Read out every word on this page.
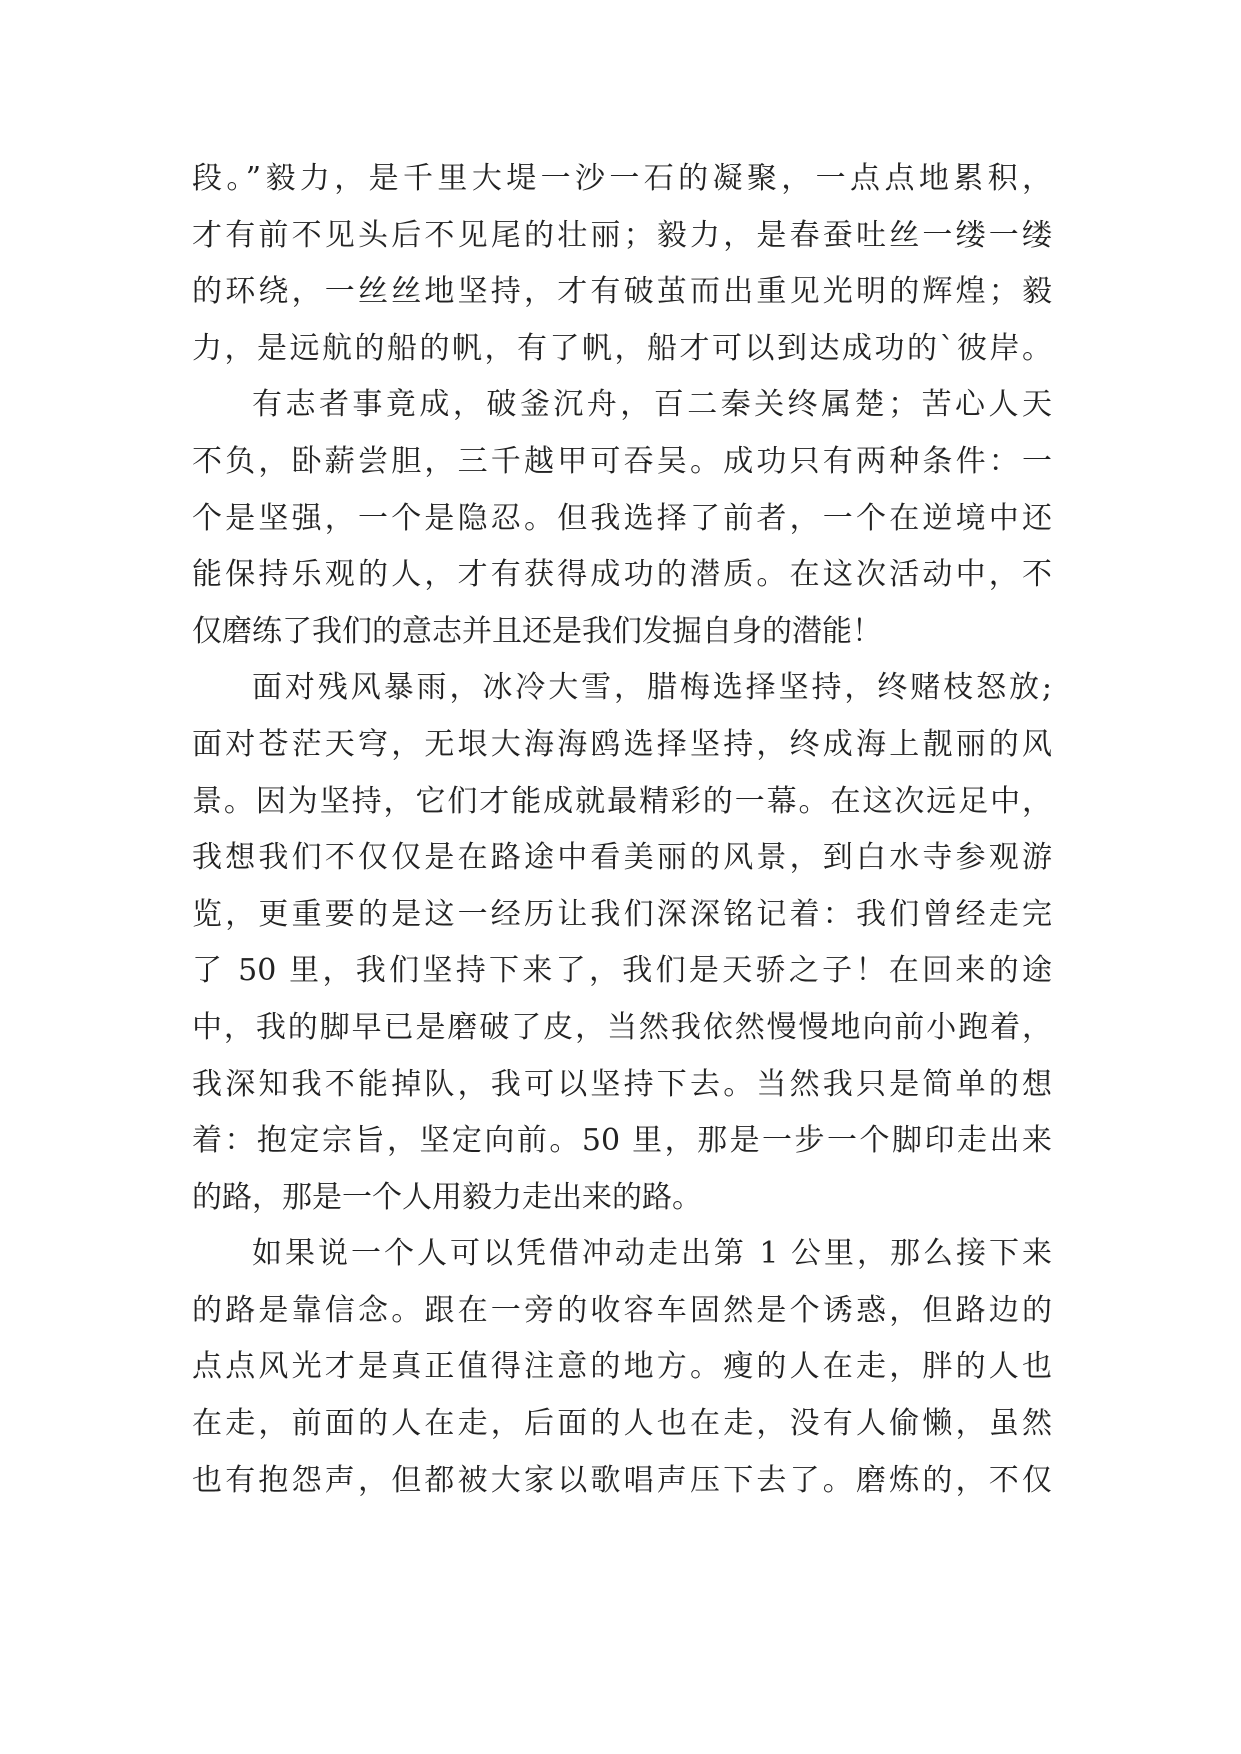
段。”毅力，是千里大堤一沙一石的凝聚，一点点地累积，
才有前不见头后不见尾的壮丽；毅力，是春蚕吐丝一缕一缕
的环绕，一丝丝地坚持，才有破茧而出重见光明的辉煌；毅
力，是远航的船的帆，有了帆，船才可以到达成功的`彼岸。
有志者事竟成，破釜沉舟，百二秦关终属楚；苦心人天
不负，卧薪尝胆，三千越甲可吞吴。成功只有两种条件：一
个是坚强，一个是隐忍。但我选择了前者，一个在逆境中还
能保持乐观的人，才有获得成功的潜质。在这次活动中，不
仅磨练了我们的意志并且还是我们发掘自身的潜能！
面对残风暴雨，冰冷大雪，腊梅选择坚持，终赌枝怒放;
面对苍茫天穹，无垠大海海鸥选择坚持，终成海上靓丽的风
景。因为坚持，它们才能成就最精彩的一幕。在这次远足中，
我想我们不仅仅是在路途中看美丽的风景，到白水寺参观游
览，更重要的是这一经历让我们深深铭记着：我们曾经走完
了 50 里，我们坚持下来了，我们是天骄之子！在回来的途
中，我的脚早已是磨破了皮，当然我依然慢慢地向前小跑着，
我深知我不能掉队，我可以坚持下去。当然我只是简单的想
着：抱定宗旨，坚定向前。50 里，那是一步一个脚印走出来
的路，那是一个人用毅力走出来的路。
如果说一个人可以凭借冲动走出第 1 公里，那么接下来
的路是靠信念。跟在一旁的收容车固然是个诱惑，但路边的
点点风光才是真正值得注意的地方。瘦的人在走，胖的人也
在走，前面的人在走，后面的人也在走，没有人偷懒，虽然
也有抱怨声，但都被大家以歌唱声压下去了。磨炼的，不仅
